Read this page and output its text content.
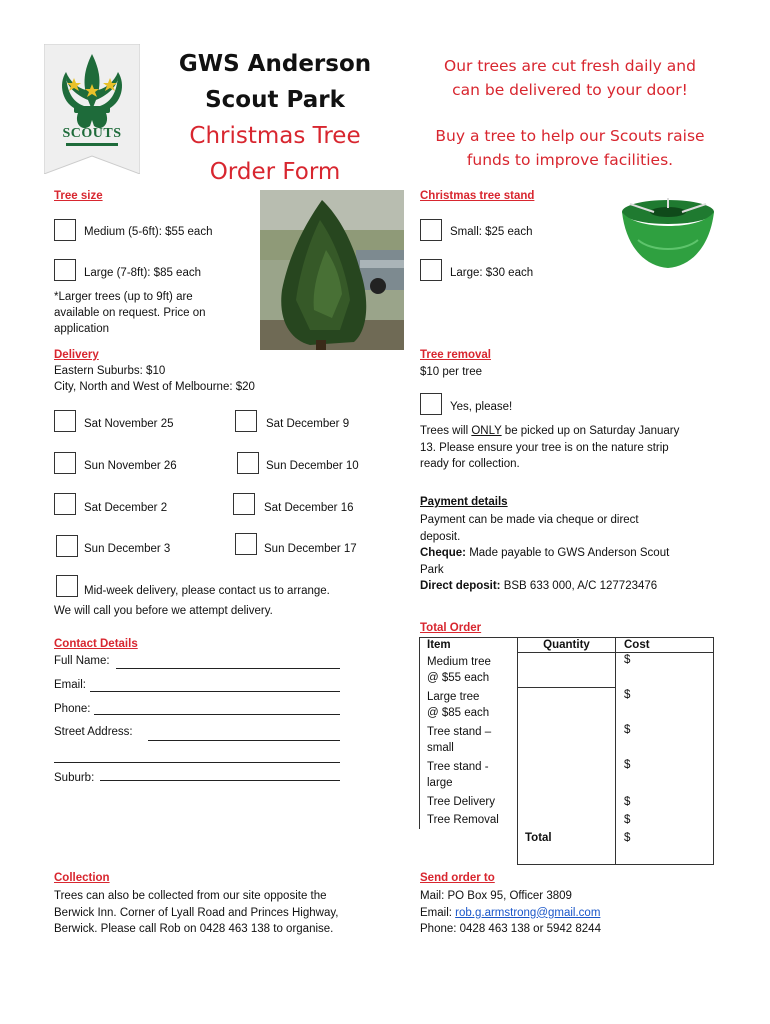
SCOUTS
GWS Anderson
Scout Park
Christmas Tree
Order Form
Our trees are cut fresh daily and
can be delivered to your door!
Buy a tree to help our Scouts raise
funds to improve facilities.
Tree size
Medium (5-6ft): $55 each
Large (7-8ft): $85 each
*Larger trees (up to 9ft) are
available on request. Price on
application
Christmas tree stand
Small: $25 each
Large: $30 each
Delivery
Eastern Suburbs: $10
City, North and West of Melbourne: $20
Sat November 25	Sat December 9
Sun November 26	Sun December 10
Sat December 2	Sat December 16
Sun December 3	Sun December 17
Mid-week delivery, please contact us to arrange.
We will call you before we attempt delivery.
Tree removal
$10 per tree
Yes, please!
Trees will ONLY be picked up on Saturday January
13. Please ensure your tree is on the nature strip
ready for collection.
Payment details
Payment can be made via cheque or direct
deposit.
Cheque: Made payable to GWS Anderson Scout
Park
Direct deposit: BSB 633 000, A/C 127723476
Contact Details
Full Name:
Email:
Phone:
Street Address:
Suburb:
Total Order
Item	Quantity	Cost

Medium tree
@ $55 each		$

Large tree
@ $85 each		$

Tree stand –
small		$

Tree stand -
large		$
Tree Delivery		$
Tree Removal		$
	Total	$
Collection
Trees can also be collected from our site opposite the
Berwick Inn. Corner of Lyall Road and Princes Highway,
Berwick. Please call Rob on 0428 463 138 to organise.
Send order to
Mail: PO Box 95, Officer 3809
Email: rob.g.armstrong@gmail.com
Phone: 0428 463 138 or 5942 8244
